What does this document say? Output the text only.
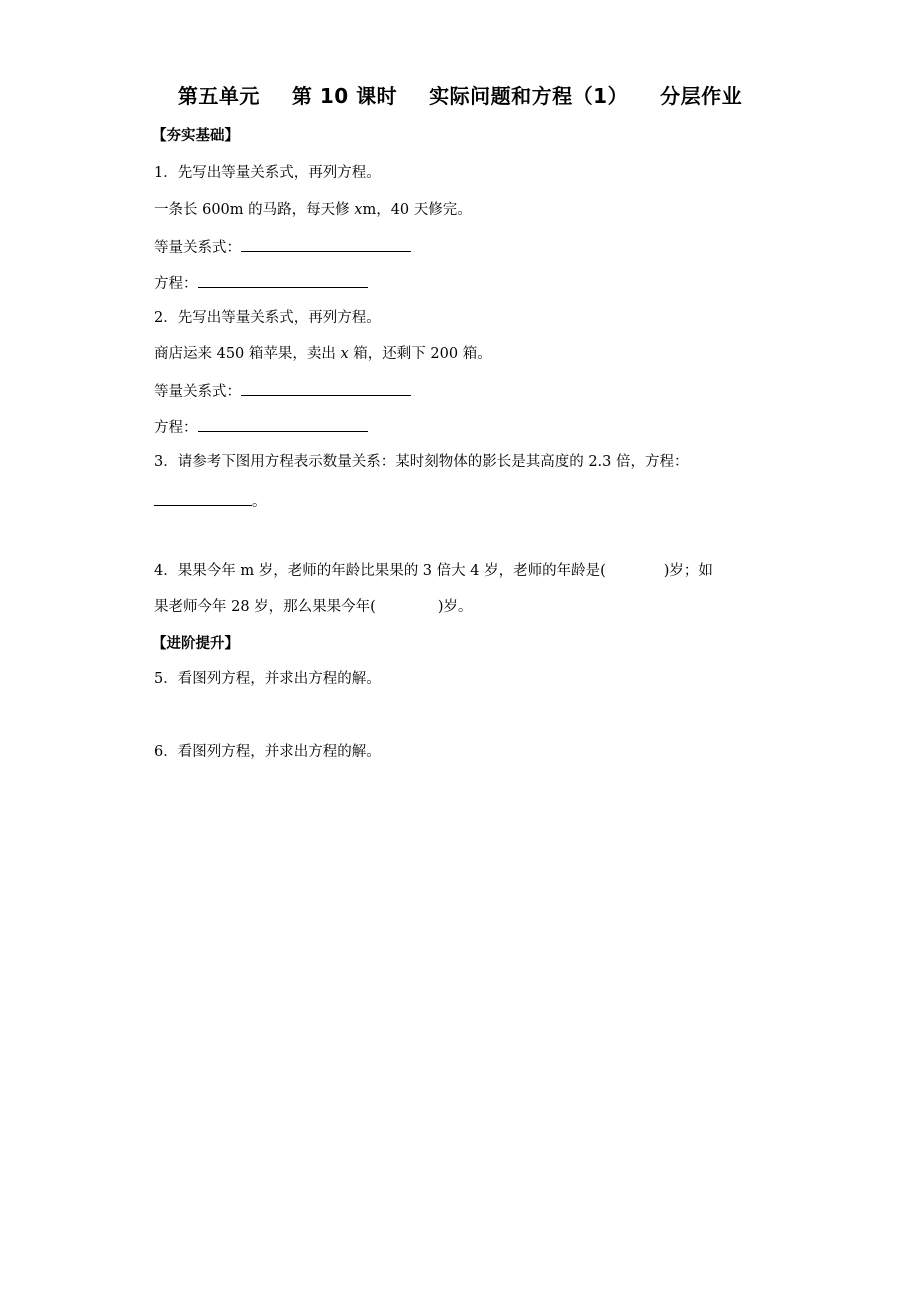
第五单元 第 10 课时 实际问题和方程（1） 分层作业
【夯实基础】
1．先写出等量关系式，再列方程。
一条长 600m 的马路，每天修 xm，40 天修完。
等量关系式：
方程：
2．先写出等量关系式，再列方程。
商店运来 450 箱苹果，卖出 x 箱，还剩下 200 箱。
等量关系式：
方程：
3．请参考下图用方程表示数量关系：某时刻物体的影长是其高度的 2.3 倍，方程：
。
4．果果今年 m 岁，老师的年龄比果果的 3 倍大 4 岁，老师的年龄是(	)岁；如
果老师今年 28 岁，那么果果今年(	)岁。
【进阶提升】
5．看图列方程，并求出方程的解。
6．看图列方程，并求出方程的解。
